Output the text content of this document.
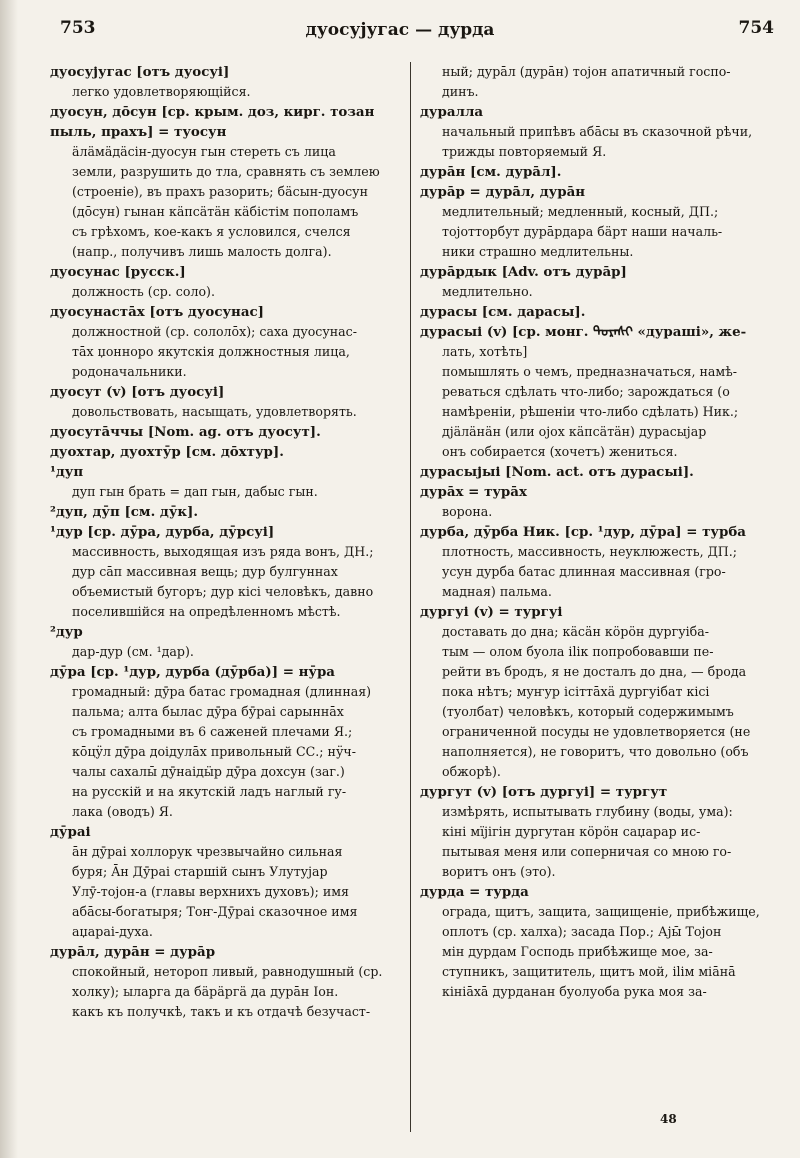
753	дуосујугас — дурда	754
дуосујугас [отъ дуосуі]
легко удовлетворяющійся.
дуосун, дōсун [ср. крым. доз, кирг. тозан
пыль, прахъ] = туосун
ӓлӓмӓдӓсін-дуосун гын стереть съ лица
земли, разрушить до тла, сравнять съ землею
(строеніе), въ прахъ разорить; бӓсын-дуосун
(дōсун) гынан кӓпсӓтӓн кӓбістім пополамъ
съ грѣхомъ, кое-какъ я условился, счелся
(напр., получивъ лишь малость долга).
дуосунас [русск.]
должность (ср. соло).
дуосунастāх [отъ дуосунас]
должностной (ср. сололōх); саха дуосунас-
тāх џонноро якутскія должностныя лица,
родоначальники.
дуосут (v) [отъ дуосуі]
довольствовать, насыщать, удовлетворять.
дуосутāччы [Nom. ag. отъ дуосут].
дуохтар, дуохтӯр [см. дōхтур].
¹дуп
дуп гын брать = дап гын, дабыс гын.
²дуп, дӯп [см. дӯк].
¹дур [ср. дӯра, дурба, дӯрсуі]
массивность, выходящая изъ ряда вонъ, ДН.;
дур сāп массивная вещь; дур булгуннах
объемистый бугоръ; дур кісі человѣкъ, давно
поселившійся на опредѣленномъ мѣстѣ.
²дур
дар-дур (см. ¹дар).
дӯра [ср. ¹дур, дурба (дӯрба)] = нӯра
громадный: дӯра батас громадная (длинная)
пальма; алта былас дӯра бӯраі сарыннāх
съ громадными въ 6 саженей плечами Я.;
кōцӱл дӯра доідулāх привольный СС.; нӱч-
чалы сахалы̄ дӯнаідӹр дӯра дохсун (заг.)
на русскій и на якутскій ладъ наглый гу-
лака (оводъ) Я.
дӯраі
āн дӯраі холлорук чрезвычайно сильная
буря; Āн Дӯраі старшій сынъ Улутујар
Улӯ-тојон-а (главы верхнихъ духовъ); имя
абāсы-богатыря; Тоҥ-Дӯраі сказочное имя
аџараі-духа.
дурāл, дурāн = дурāр
спокойный, нетороп ливый, равнодушный (ср.
холку); ыларга да бӓрӓргӓ да дурāн Іон.
какъ къ получкѣ, такъ и къ отдачѣ безучаст-
ный; дурāл (дурāн) тојон апатичный госпо-
динъ.
дуралла
начальный припѣвъ абāсы въ сказочной рѣчи,
трижды повторяемый Я.
дурāн [см. дурāл].
дурāр = дурāл, дурāн
медлительный; медленный, косный, ДП.;
тојотторбут дурāрдара бӓрт наши началь-
ники страшно медлительны.
дурāрдык [Adv. отъ дурāр]
медлительно.
дурасы [см. дарасы].
дурасыі (v) [ср. монг. ᠳᠤᠷᠠᠰᠢ «дурашi», же-
лать, хотѣть]
помышлять о чемъ, предназначаться, намѣ-
реваться сдѣлать что-либо; зарождаться (о
намѣреніи, рѣшеніи что-либо сдѣлать) Ник.;
дјӓлӓнӓн (или ојох кӓпсӓтӓн) дурасыјар
онъ собирается (хочетъ) жениться.
дурасыјыі [Nom. act. отъ дурасыі].
дурāх = турāх
ворона.
дурба, дӯрба Ник. [ср. ¹дур, дӯра] = турба
плотность, массивность, неуклюжесть, ДП.;
усун дурба батас длинная массивная (гро-
мадная) пальма.
дургуі (v) = тургуі
доставать до дна; кӓсӓн кӧрӧн дургуіба-
тым — олом буола іlік попробовавши пе-
рейти въ бродъ, я не досталъ до дна, — брода
пока нѣтъ; муҥур ісіттāхӓ дургуібат кісі
(туолбат) человѣкъ, который содержимымъ
ограниченной посуды не удовлетворяется (не
наполняется), не говоритъ, что довольно (объ
обжорѣ).
дургут (v) [отъ дургуі] = тургут
измѣрять, испытывать глубину (воды, ума):
кіні мїјігін дургутан кӧрӧн саџарар ис-
пытывая меня или соперничая со мною го-
воритъ онъ (это).
дурда = турда
ограда, щитъ, защита, защищеніе, прибѣжище,
оплотъ (ср. халха); засада Пор.; Ајы̄ Тојон
мін дурдам Господь прибѣжище мое, за-
ступникъ, защититель, щитъ мой, іlім міāнā
кініāхā дурданан буолуоба рука моя за-
48
